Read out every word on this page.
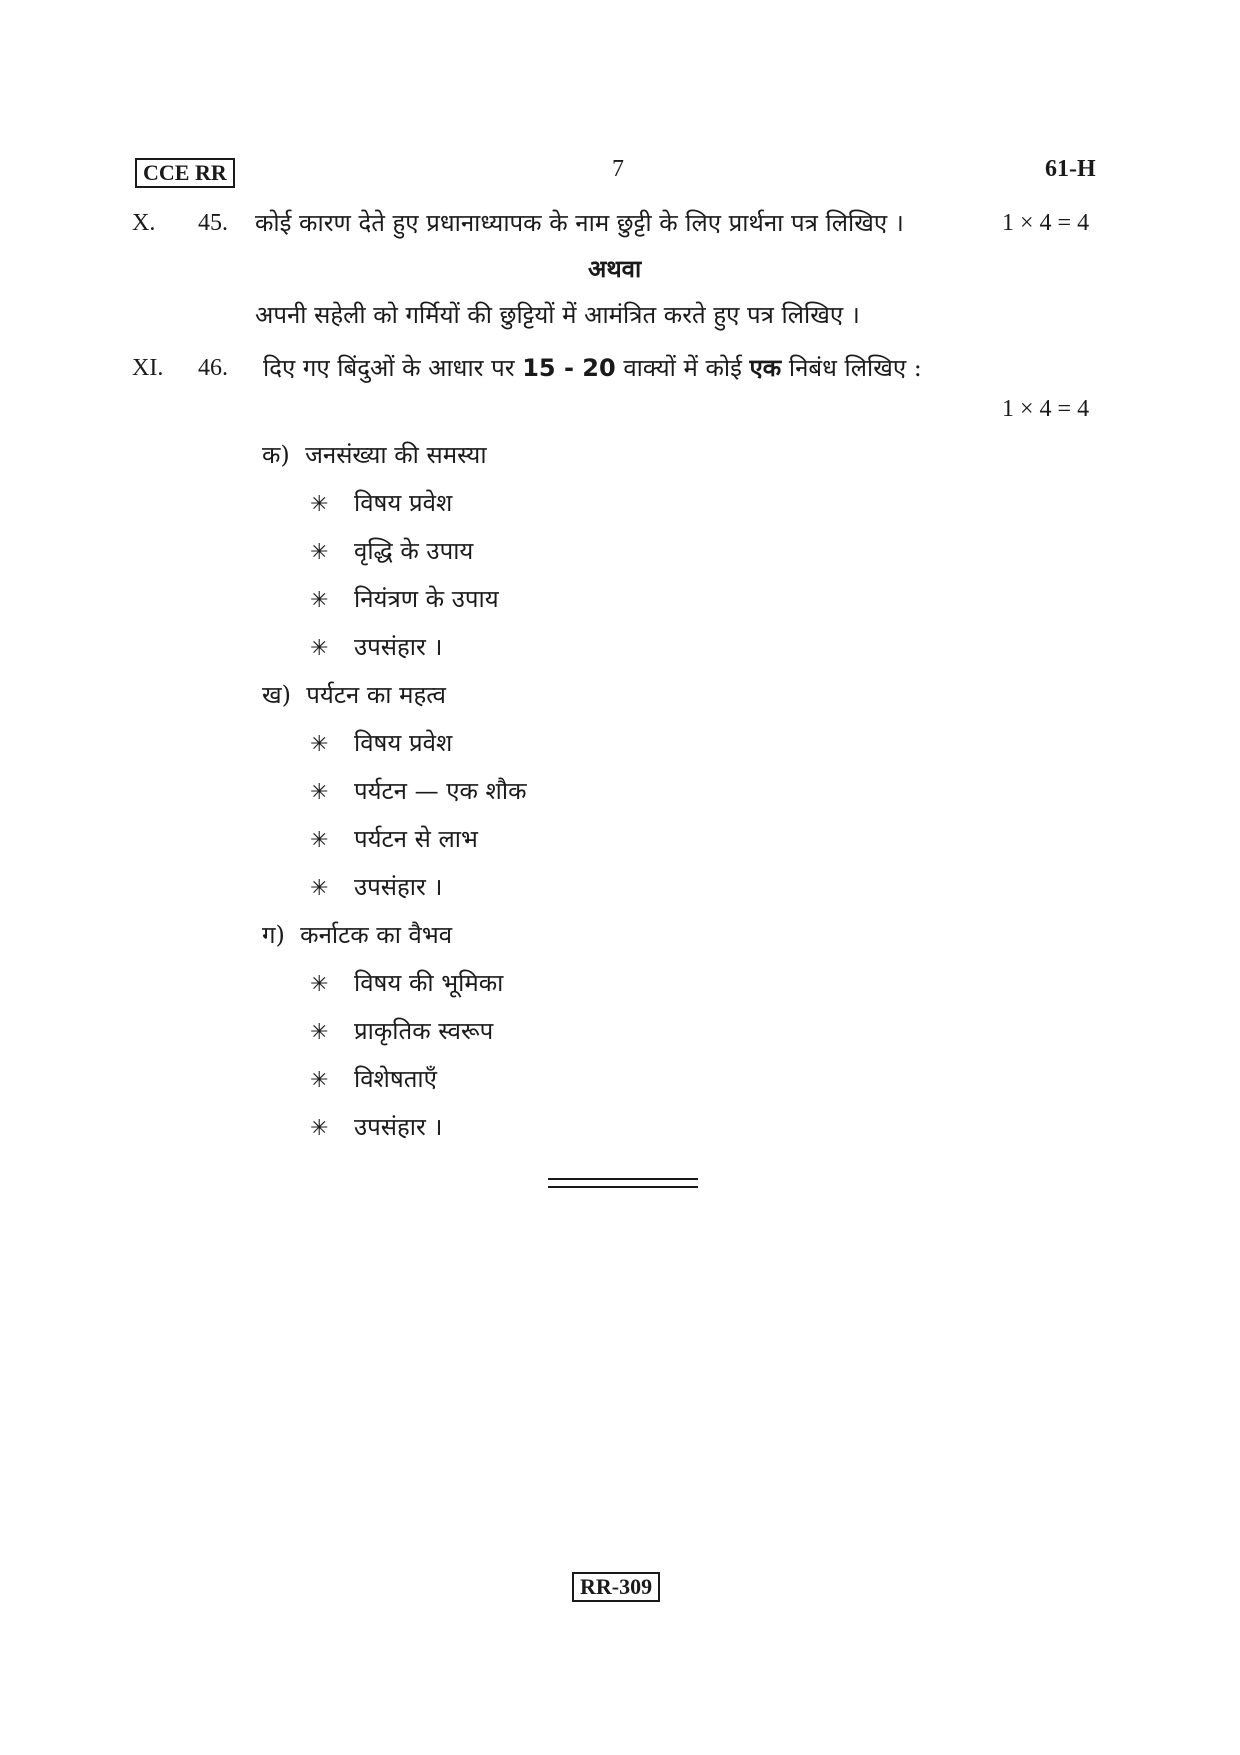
CCE RR	7	61-H
X. 45. कोई कारण देते हुए प्रधानाध्यापक के नाम छुट्टी के लिए प्रार्थना पत्र लिखिए ।	1 × 4 = 4
अथवा
अपनी सहेली को गर्मियों की छुट्टियों में आमंत्रित करते हुए पत्र लिखिए ।
XI. 46. दिए गए बिंदुओं के आधार पर 15 - 20 वाक्यों में कोई एक निबंध लिखिए :
1 × 4 = 4
क) जनसंख्या की समस्या
✳ विषय प्रवेश
✳ वृद्धि के उपाय
✳ नियंत्रण के उपाय
✳ उपसंहार ।
ख) पर्यटन का महत्व
✳ विषय प्रवेश
✳ पर्यटन — एक शौक
✳ पर्यटन से लाभ
✳ उपसंहार ।
ग) कर्नाटक का वैभव
✳ विषय की भूमिका
✳ प्राकृतिक स्वरूप
✳ विशेषताएँ
✳ उपसंहार ।
RR-309
